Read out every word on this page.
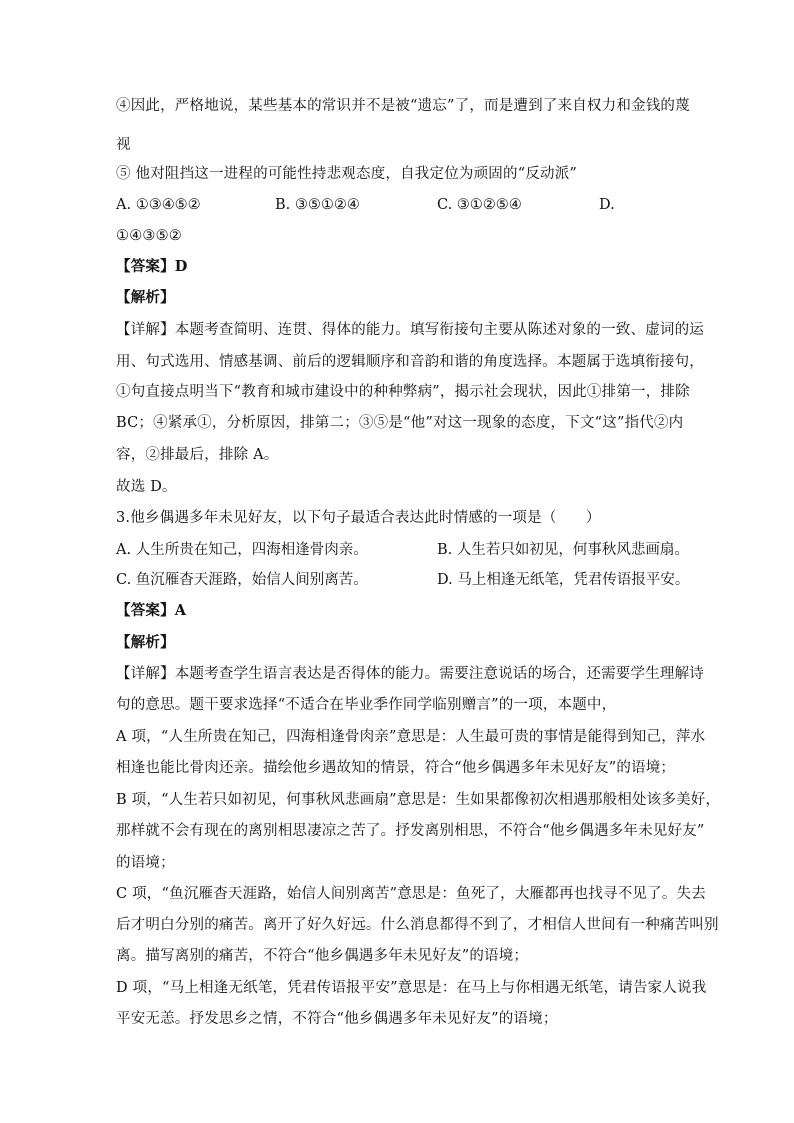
④因此，严格地说，某些基本的常识并不是被“遗忘”了，而是遭到了来自权力和金钱的蔑
视
⑤ 他对阻挡这一进程的可能性持悲观态度，自我定位为顽固的“反动派”
A. ①③④⑤②	B. ③⑤①②④	C. ③①②⑤④	D.
①④③⑤②
【答案】D
【解析】
【详解】本题考查简明、连贯、得体的能力。填写衔接句主要从陈述对象的一致、虚词的运
用、句式选用、情感基调、前后的逻辑顺序和音韵和谐的角度选择。本题属于选填衔接句，
①句直接点明当下“教育和城市建设中的种种弊病”，揭示社会现状，因此①排第一，排除
BC；④紧承①，分析原因，排第二；③⑤是“他”对这一现象的态度，下文“这”指代②内
容，②排最后，排除 A。
故选 D。
3.他乡偶遇多年未见好友，以下句子最适合表达此时情感的一项是（　　）
A. 人生所贵在知己，四海相逢骨肉亲。	B. 人生若只如初见，何事秋风悲画扇。
C. 鱼沉雁杳天涯路，始信人间别离苦。	D. 马上相逢无纸笔，凭君传语报平安。
【答案】A
【解析】
【详解】本题考查学生语言表达是否得体的能力。需要注意说话的场合，还需要学生理解诗
句的意思。题干要求选择“不适合在毕业季作同学临别赠言”的一项，本题中，
A 项，“人生所贵在知己，四海相逢骨肉亲”意思是：人生最可贵的事情是能得到知己，萍水
相逢也能比骨肉还亲。描绘他乡遇故知的情景，符合“他乡偶遇多年未见好友”的语境；
B 项，“人生若只如初见，何事秋风悲画扇”意思是：生如果都像初次相遇那般相处该多美好，
那样就不会有现在的离别相思凄凉之苦了。抒发离别相思，不符合“他乡偶遇多年未见好友”
的语境；
C 项，“鱼沉雁杳天涯路，始信人间别离苦”意思是：鱼死了，大雁都再也找寻不见了。失去
后才明白分别的痛苦。离开了好久好远。什么消息都得不到了，才相信人世间有一种痛苦叫别
离。描写离别的痛苦，不符合“他乡偶遇多年未见好友”的语境；
D 项，“马上相逢无纸笔，凭君传语报平安”意思是：在马上与你相遇无纸笔，请告家人说我
平安无恙。抒发思乡之情，不符合“他乡偶遇多年未见好友”的语境；
